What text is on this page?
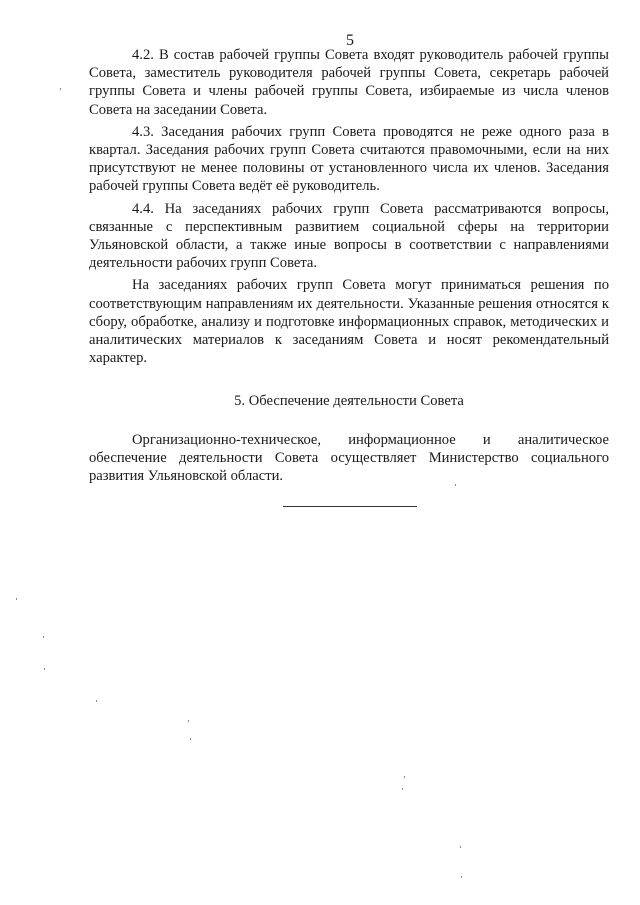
5

4.2. В состав рабочей группы Совета входят руководитель рабочей группы Совета, заместитель руководителя рабочей группы Совета, секретарь рабочей группы Совета и члены рабочей группы Совета, избираемые из числа членов Совета на заседании Совета.

4.3. Заседания рабочих групп Совета проводятся не реже одного раза в квартал. Заседания рабочих групп Совета считаются правомочными, если на них присутствуют не менее половины от установленного числа их членов. Заседания рабочей группы Совета ведёт её руководитель.

4.4. На заседаниях рабочих групп Совета рассматриваются вопросы, связанные с перспективным развитием социальной сферы на территории Ульяновской области, а также иные вопросы в соответствии с направлениями деятельности рабочих групп Совета.

На заседаниях рабочих групп Совета могут приниматься решения по соответствующим направлениям их деятельности. Указанные решения относятся к сбору, обработке, анализу и подготовке информационных справок, методических и аналитических материалов к заседаниям Совета и носят рекомендательный характер.

5. Обеспечение деятельности Совета

Организационно-техническое, информационное и аналитическое обеспечение деятельности Совета осуществляет Министерство социального развития Ульяновской области.
